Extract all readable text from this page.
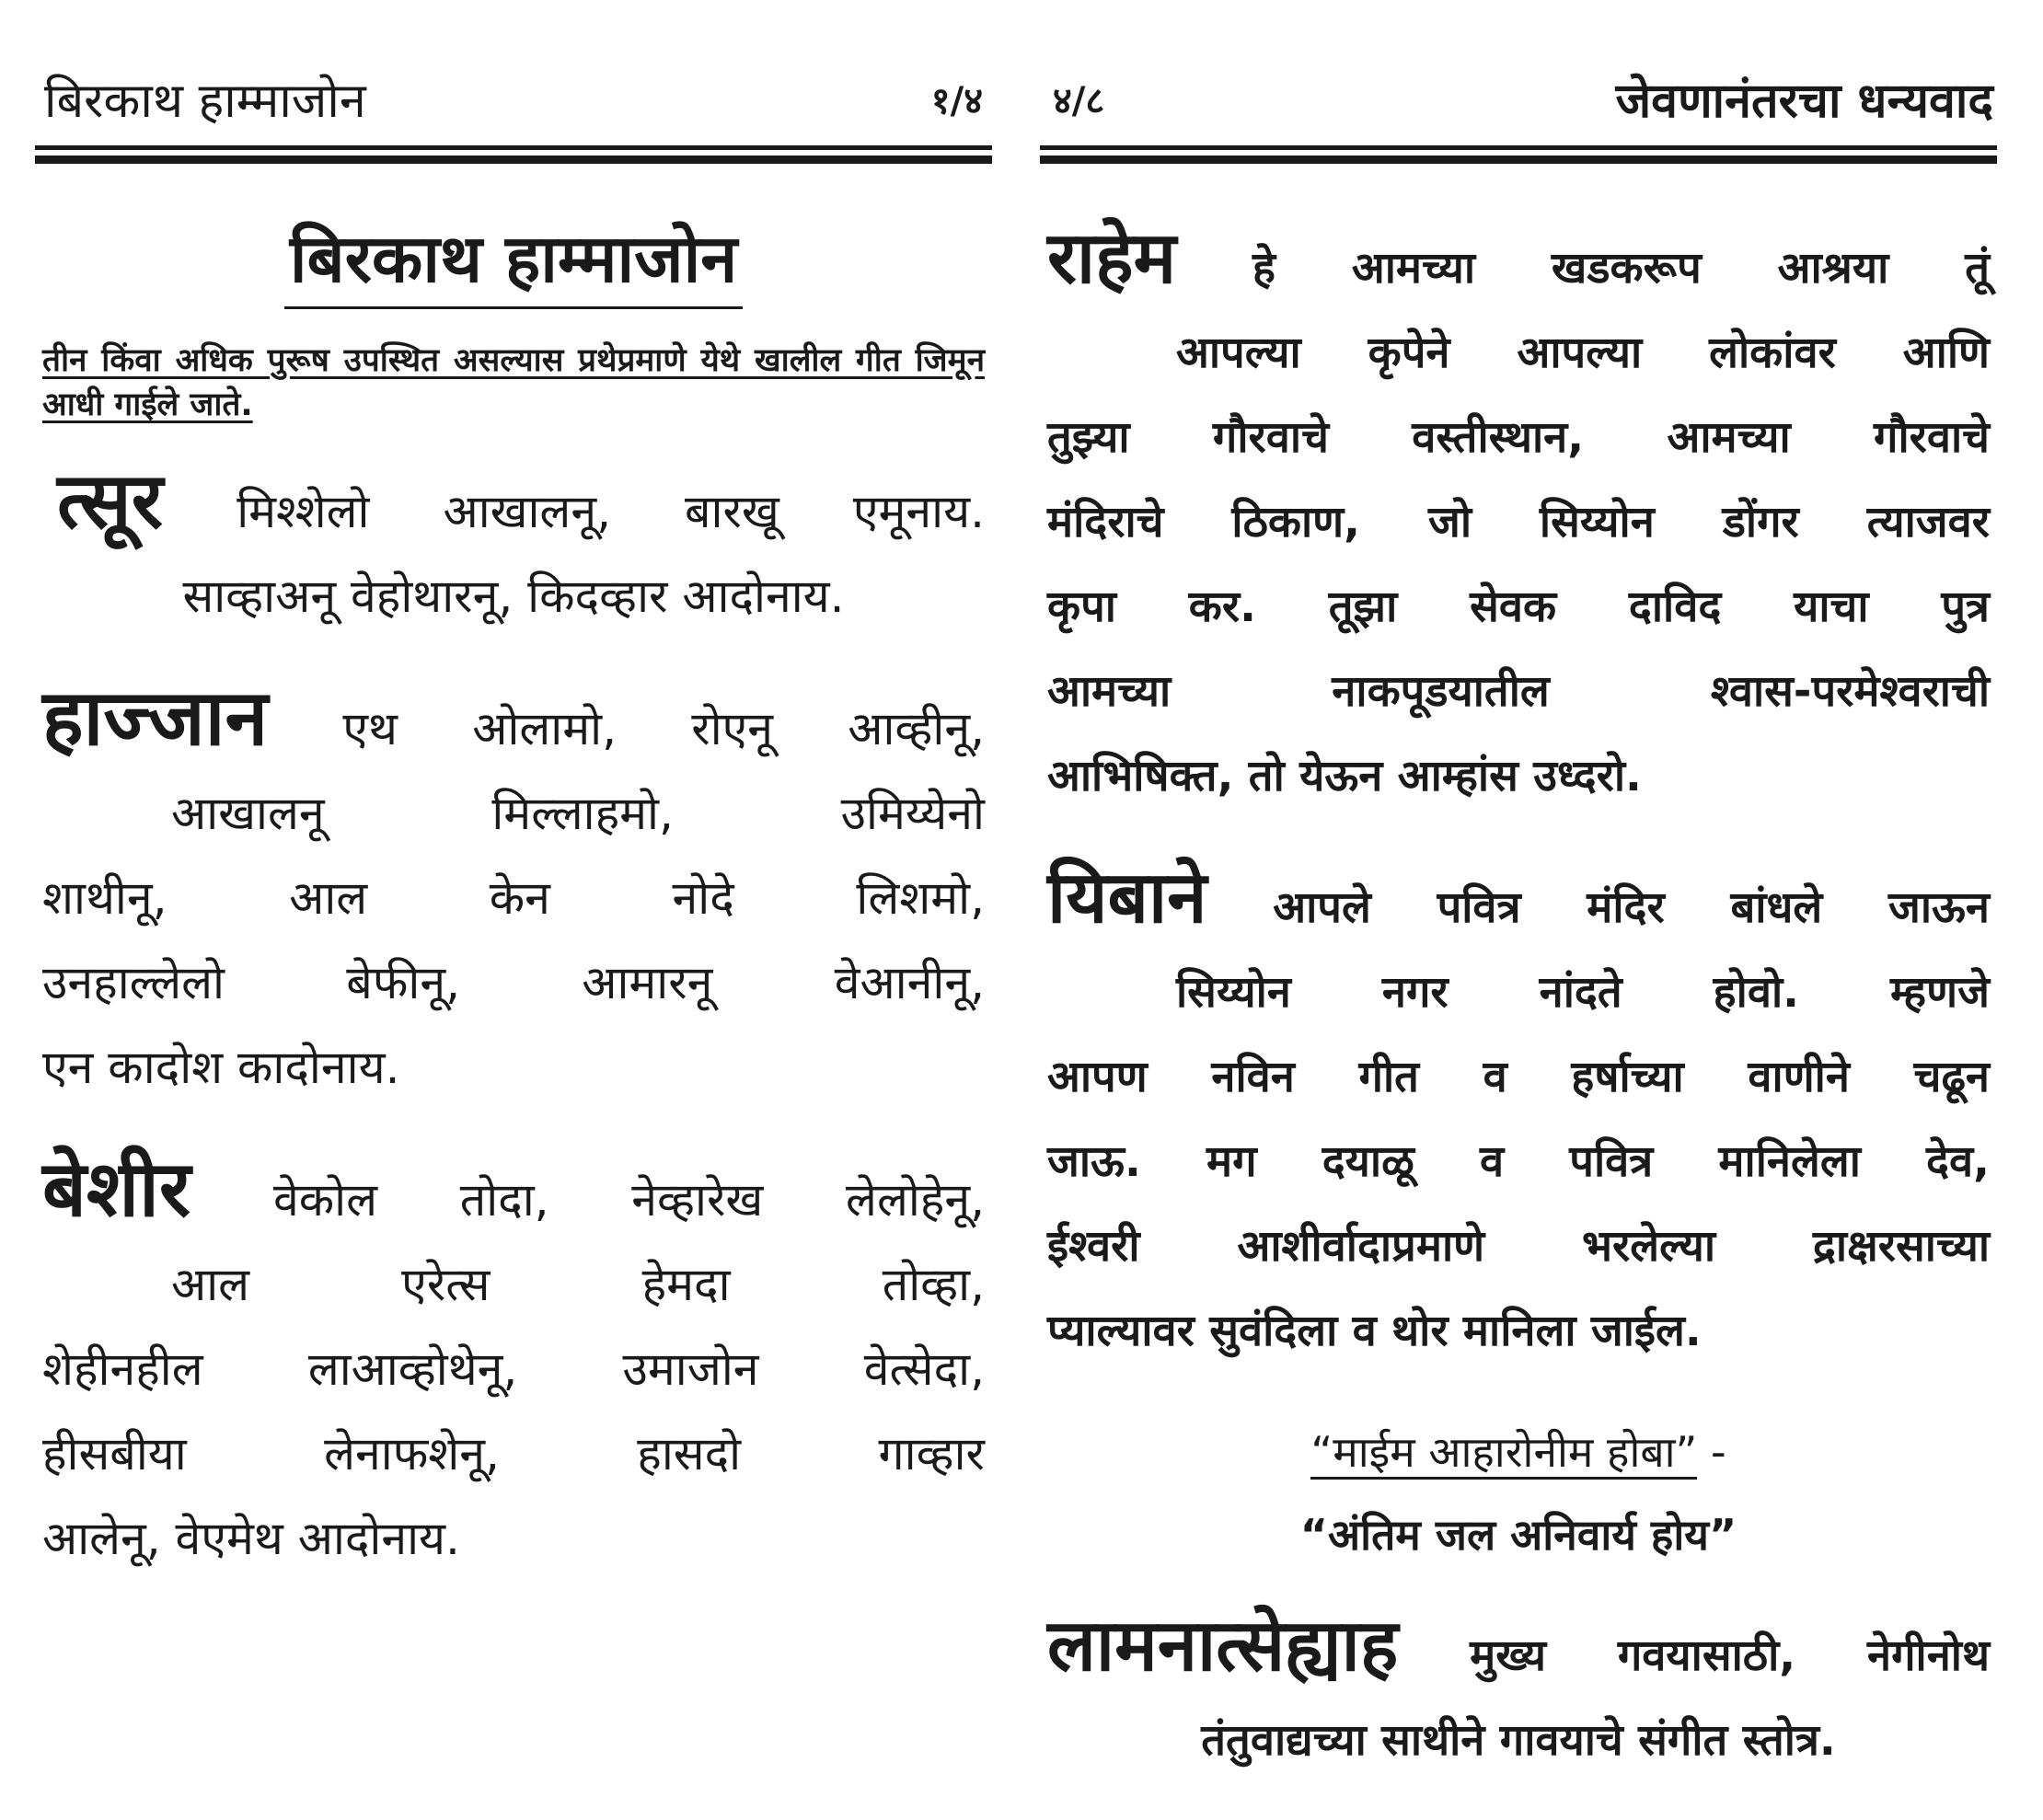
बिरकाथ हाम्माजोन	१/४
बिरकाथ हाम्माजोन
तीन किंवा अधिक पुरूष उपस्थित असल्यास प्रथेप्रमाणे येथे खालील गीत जिमून आधी गाईले जाते.
त्सूर मिश्शेलो आखालनू, बारखू एमूनाय.
साव्हाअनू वेहोथारनू, किदव्हार आदोनाय.
हाज्जान एथ ओलामो, रोएनू आव्हीनू,
आखालनू मिल्लाहमो, उमिय्येनो
शाथीनू, आल केन नोदे लिशमो,
उनहाल्लेलो बेफीनू, आमारनू वेआनीनू,
एन कादोश कादोनाय.
बेशीर वेकोल तोदा, नेव्हारेख लेलोहेनू,
आल एरेत्स हेमदा तोव्हा,
शेहीनहील लाआव्होथेनू, उमाजोन वेत्सेदा,
हीसबीया लेनाफशेनू, हासदो गाव्हार
आलेनू, वेएमेथ आदोनाय.
४/८	जेवणानंतरचा धन्यवाद
राहेम हे आमच्या खडकरूप आश्रया तूं
आपल्या कृपेने आपल्या लोकांवर आणि
तुझ्या गौरवाचे वस्तीस्थान, आमच्या गौरवाचे
मंदिराचे ठिकाण, जो सिय्योन डोंगर त्याजवर
कृपा कर. तूझा सेवक दाविद याचा पुत्र
आमच्या नाकपूडयातील श्वास-परमेश्वराची
आभिषिक्त, तो येऊन आम्हांस उध्दरो.
यिबाने आपले पवित्र मंदिर बांधले जाऊन
सिय्योन नगर नांदते होवो. म्हणजे
आपण नविन गीत व हर्षाच्या वाणीने चढून
जाऊ. मग दयाळू व पवित्र मानिलेला देव,
ईश्वरी आशीर्वादाप्रमाणे भरलेल्या द्राक्षरसाच्या
प्याल्यावर सुवंदिला व थोर मानिला जाईल.
“माईम आहारोनीम होबा” -
“अंतिम जल अनिवार्य होय”
लामनात्सेह्याह मुख्य गवयासाठी, नेगीनोथ
तंतुवाद्यच्या साथीने गावयाचे संगीत स्तोत्र.
